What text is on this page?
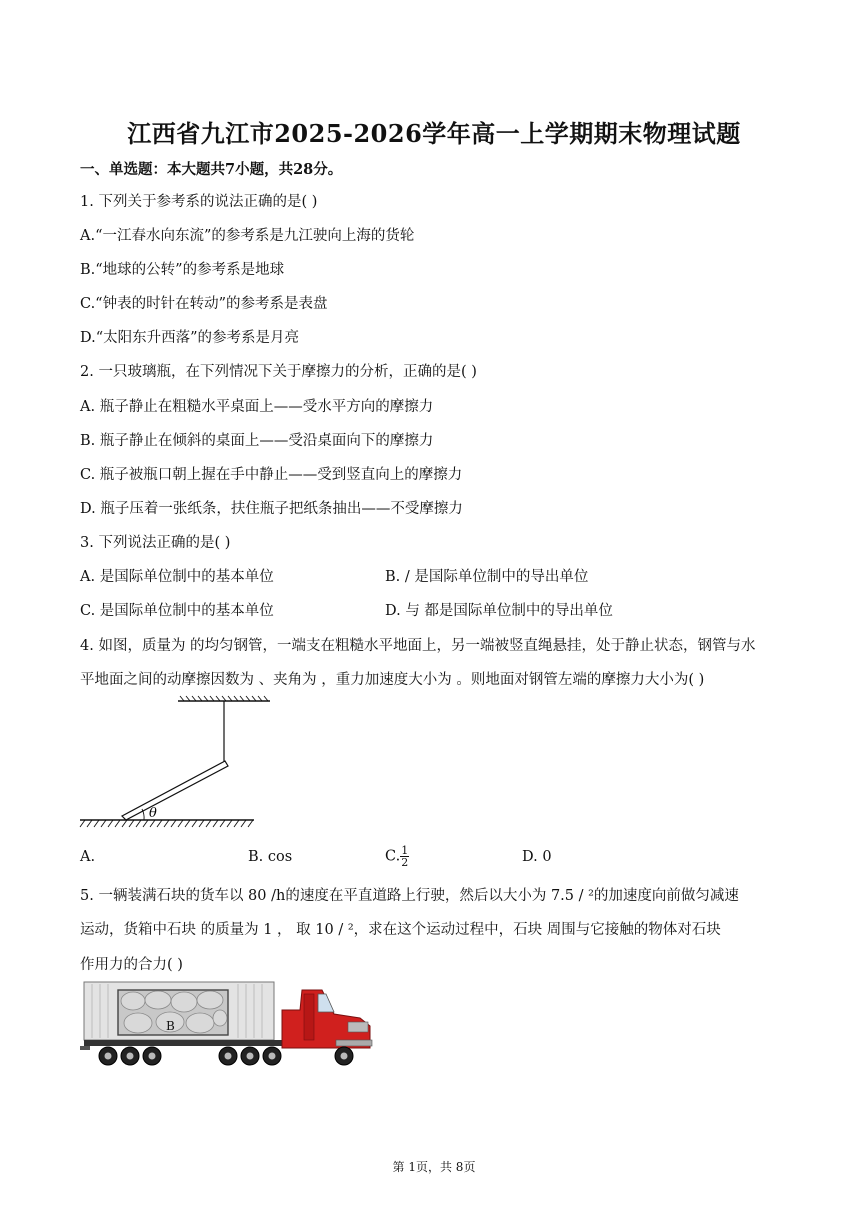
江西省九江市2025-2026学年高一上学期期末物理试题
一、单选题：本大题共7小题，共28分。
1. 下列关于参考系的说法正确的是( )
A.“一江春水向东流”的参考系是九江驶向上海的货轮
B.“地球的公转”的参考系是地球
C.“钟表的时针在转动”的参考系是表盘
D.“太阳东升西落”的参考系是月亮
2. 一只玻璃瓶，在下列情况下关于摩擦力的分析，正确的是( )
A. 瓶子静止在粗糙水平桌面上——受水平方向的摩擦力
B. 瓶子静止在倾斜的桌面上——受沿桌面向下的摩擦力
C. 瓶子被瓶口朝上握在手中静止——受到竖直向上的摩擦力
D. 瓶子压着一张纸条，扶住瓶子把纸条抽出——不受摩擦力
3. 下列说法正确的是( )
A. 是国际单位制中的基本单位	B. / 是国际单位制中的导出单位
C. 是国际单位制中的基本单位	D. 与 都是国际单位制中的导出单位
4. 如图，质量为 的均匀钢管，一端支在粗糙水平地面上，另一端被竖直绳悬挂，处于静止状态，钢管与水
平地面之间的动摩擦因数为 、夹角为 ，重力加速度大小为 。则地面对钢管左端的摩擦力大小为( )
θ
A.	B. cos	C. $\frac{1}{2}$	D. 0
5. 一辆装满石块的货车以 80 /h的速度在平直道路上行驶，然后以大小为 7.5 / ²的加速度向前做匀减速
运动，货箱中石块 的质量为 1 ， 取 10 / ²，求在这个运动过程中，石块 周围与它接触的物体对石块
作用力的合力( )
B
第 1页，共 8页
